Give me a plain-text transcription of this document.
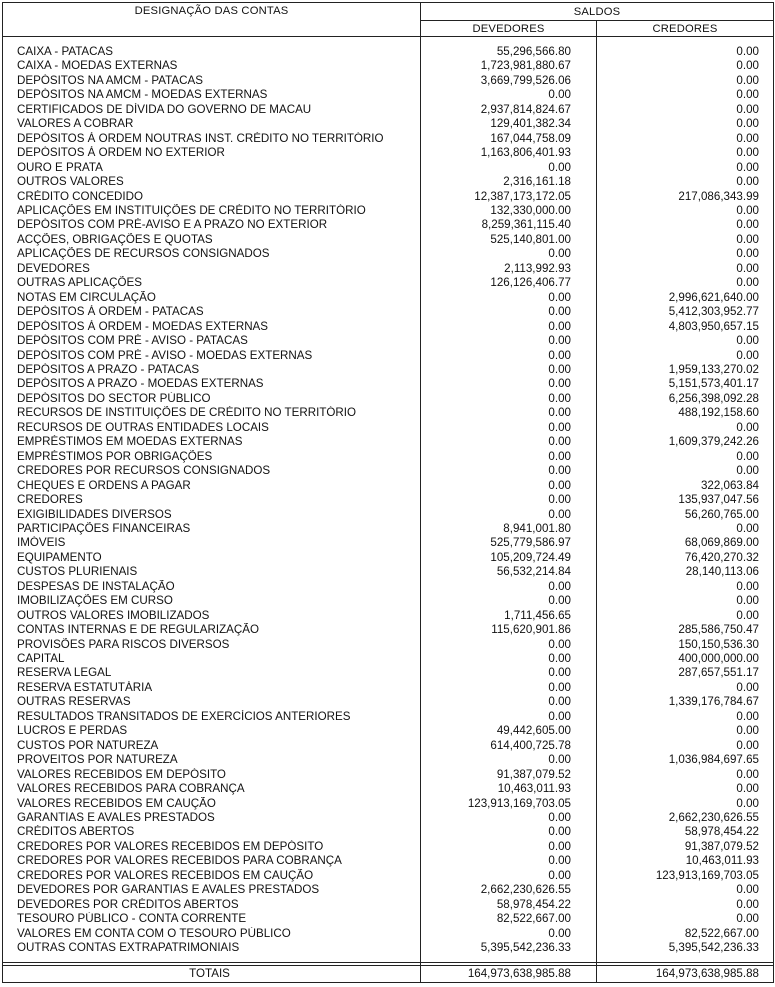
DESIGNAÇÃO DAS CONTAS	SALDOS	
	DEVEDORES	CREDORES
CAIXA - PATACAS	55,296,566.80	0.00
CAIXA - MOEDAS EXTERNAS	1,723,981,880.67	0.00
DEPÓSITOS NA AMCM - PATACAS	3,669,799,526.06	0.00
DEPÓSITOS NA AMCM - MOEDAS EXTERNAS	0.00	0.00
CERTIFICADOS DE DÍVIDA DO GOVERNO DE MACAU	2,937,814,824.67	0.00
VALORES A COBRAR	129,401,382.34	0.00
DEPÓSITOS À ORDEM NOUTRAS INST. CRÉDITO NO TERRITÓRIO	167,044,758.09	0.00
DEPÓSITOS À ORDEM NO EXTERIOR	1,163,806,401.93	0.00
OURO E PRATA	0.00	0.00
OUTROS VALORES	2,316,161.18	0.00
CRÉDITO CONCEDIDO	12,387,173,172.05	217,086,343.99
APLICAÇÕES EM INSTITUIÇÕES DE CRÉDITO NO TERRITÓRIO	132,330,000.00	0.00
DEPÓSITOS COM PRÉ-AVISO E A PRAZO NO EXTERIOR	8,259,361,115.40	0.00
ACÇÕES, OBRIGAÇÕES E QUOTAS	525,140,801.00	0.00
APLICAÇÕES DE RECURSOS CONSIGNADOS	0.00	0.00
DEVEDORES	2,113,992.93	0.00
OUTRAS APLICAÇÕES	126,126,406.77	0.00
NOTAS EM CIRCULAÇÃO	0.00	2,996,621,640.00
DEPÓSITOS À ORDEM - PATACAS	0.00	5,412,303,952.77
DEPÓSITOS À ORDEM - MOEDAS EXTERNAS	0.00	4,803,950,657.15
DEPÓSITOS COM PRÉ - AVISO - PATACAS	0.00	0.00
DEPÓSITOS COM PRÉ - AVISO - MOEDAS EXTERNAS	0.00	0.00
DEPÓSITOS A PRAZO - PATACAS	0.00	1,959,133,270.02
DEPÓSITOS A PRAZO - MOEDAS EXTERNAS	0.00	5,151,573,401.17
DEPÓSITOS DO SECTOR PÚBLICO	0.00	6,256,398,092.28
RECURSOS DE INSTITUIÇÕES DE CRÉDITO NO TERRITÓRIO	0.00	488,192,158.60
RECURSOS DE OUTRAS ENTIDADES LOCAIS	0.00	0.00
EMPRÉSTIMOS EM MOEDAS EXTERNAS	0.00	1,609,379,242.26
EMPRÉSTIMOS POR OBRIGAÇÕES	0.00	0.00
CREDORES POR RECURSOS CONSIGNADOS	0.00	0.00
CHEQUES E ORDENS A PAGAR	0.00	322,063.84
CREDORES	0.00	135,937,047.56
EXIGIBILIDADES DIVERSOS	0.00	56,260,765.00
PARTICIPAÇÕES FINANCEIRAS	8,941,001.80	0.00
IMÓVEIS	525,779,586.97	68,069,869.00
EQUIPAMENTO	105,209,724.49	76,420,270.32
CUSTOS PLURIENAIS	56,532,214.84	28,140,113.06
DESPESAS DE INSTALAÇÃO	0.00	0.00
IMOBILIZAÇÕES EM CURSO	0.00	0.00
OUTROS VALORES IMOBILIZADOS	1,711,456.65	0.00
CONTAS INTERNAS E DE REGULARIZAÇÃO	115,620,901.86	285,586,750.47
PROVISÕES PARA RISCOS DIVERSOS	0.00	150,150,536.30
CAPITAL	0.00	400,000,000.00
RESERVA LEGAL	0.00	287,657,551.17
RESERVA ESTATUTÁRIA	0.00	0.00
OUTRAS RESERVAS	0.00	1,339,176,784.67
RESULTADOS TRANSITADOS DE EXERCÍCIOS ANTERIORES	0.00	0.00
LUCROS E PERDAS	49,442,605.00	0.00
CUSTOS POR NATUREZA	614,400,725.78	0.00
PROVEITOS POR NATUREZA	0.00	1,036,984,697.65
VALORES RECEBIDOS EM DEPÓSITO	91,387,079.52	0.00
VALORES RECEBIDOS PARA COBRANÇA	10,463,011.93	0.00
VALORES RECEBIDOS EM CAUÇÃO	123,913,169,703.05	0.00
GARANTIAS E AVALES PRESTADOS	0.00	2,662,230,626.55
CRÉDITOS ABERTOS	0.00	58,978,454.22
CREDORES POR VALORES RECEBIDOS EM DEPÓSITO	0.00	91,387,079.52
CREDORES POR VALORES RECEBIDOS PARA COBRANÇA	0.00	10,463,011.93
CREDORES POR VALORES RECEBIDOS EM CAUÇÃO	0.00	123,913,169,703.05
DEVEDORES POR GARANTIAS E AVALES PRESTADOS	2,662,230,626.55	0.00
DEVEDORES POR CRÉDITOS ABERTOS	58,978,454.22	0.00
TESOURO PÚBLICO - CONTA CORRENTE	82,522,667.00	0.00
VALORES EM CONTA COM O TESOURO PÚBLICO	0.00	82,522,667.00
OUTRAS CONTAS EXTRAPATRIMONIAIS	5,395,542,236.33	5,395,542,236.33

TOTAIS	164,973,638,985.88	164,973,638,985.88
